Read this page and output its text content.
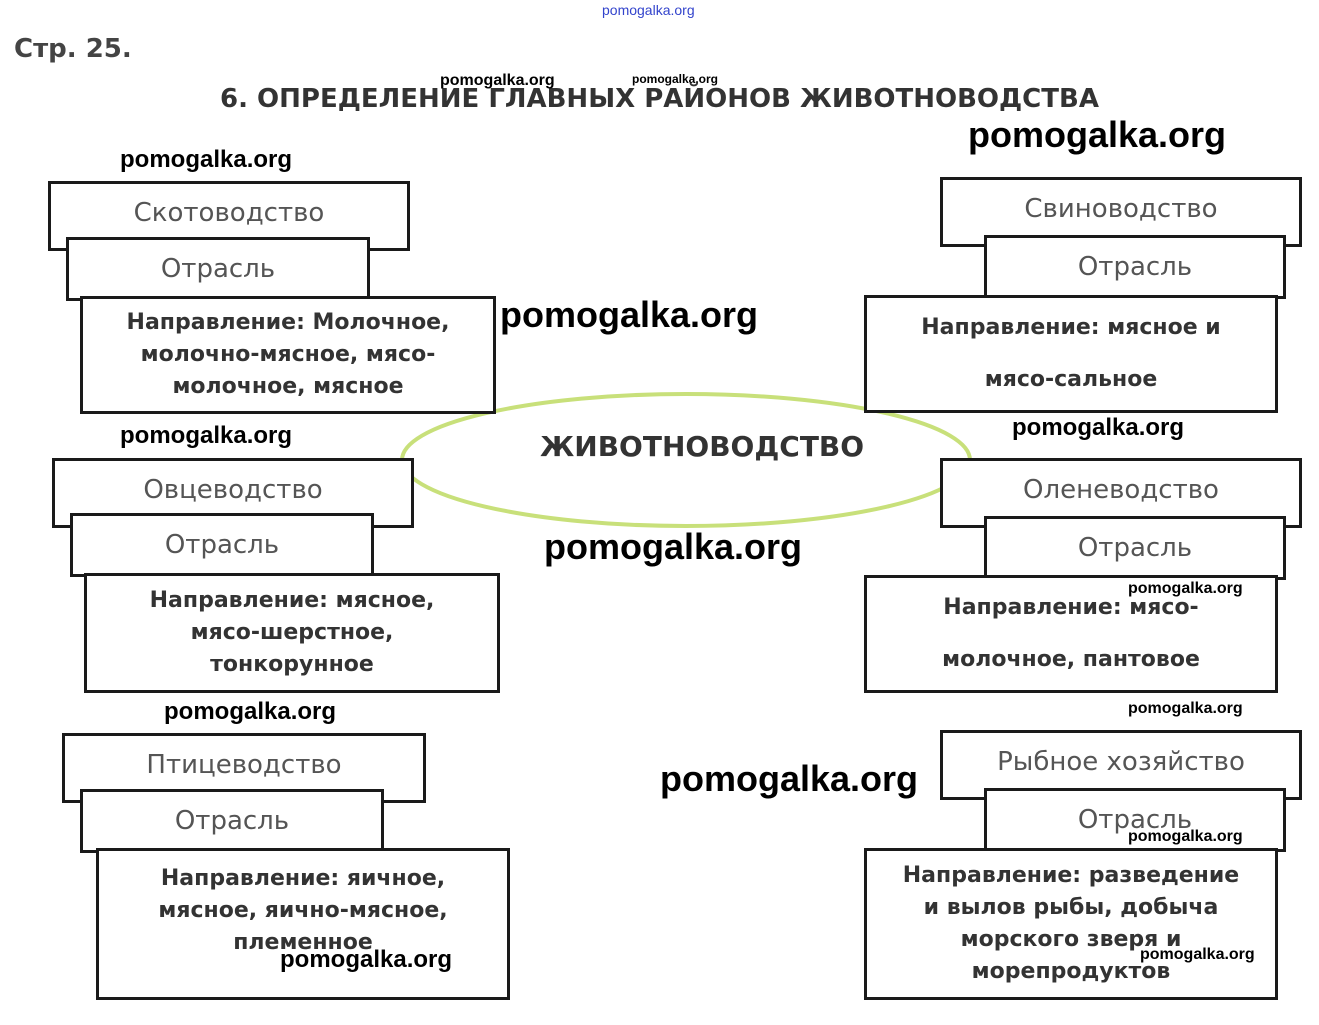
pomogalka.org
Стр. 25.
6. ОПРЕДЕЛЕНИЕ ГЛАВНЫХ РАЙОНОВ ЖИВОТНОВОДСТВА
ЖИВОТНОВОДСТВО
Скотоводство
Отрасль
Направление: Молочное,
молочно-мясное, мясо-
молочное, мясное
Свиноводство
Отрасль
Направление: мясное и
мясо-сальное
Овцеводство
Отрасль
Направление: мясное,
мясо-шерстное,
тонкорунное
Оленеводство
Отрасль
Направление: мясо-
молочное, пантовое
Птицеводство
Отрасль
Направление: яичное,
мясное, яично-мясное,
племенное
Рыбное хозяйство
Отрасль
Направление: разведение
и вылов рыбы, добыча
морского зверя и
морепродуктов
pomogalka.org	pomogalka.org
pomogalka.org
pomogalka.org
pomogalka.org
pomogalka.org	pomogalka.org
pomogalka.org
pomogalka.org
pomogalka.org	pomogalka.org
pomogalka.org
pomogalka.org
pomogalka.org	pomogalka.org
